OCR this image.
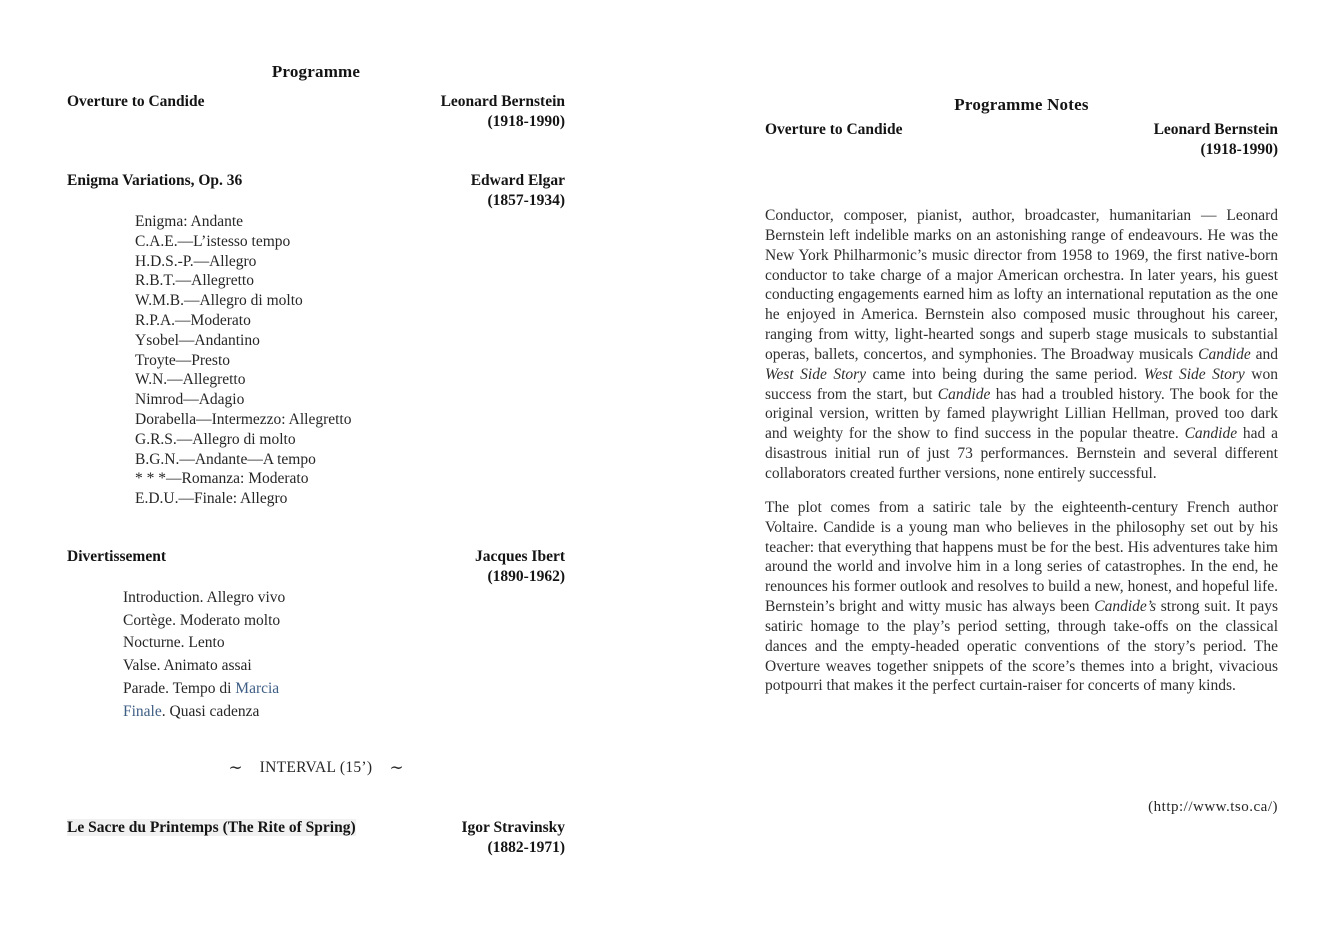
Programme
Overture to Candide	Leonard Bernstein
(1918-1990)
Enigma Variations, Op. 36	Edward Elgar
(1857-1934)
Enigma: Andante
C.A.E.—L’istesso tempo
H.D.S.-P.—Allegro
R.B.T.—Allegretto
W.M.B.—Allegro di molto
R.P.A.—Moderato
Ysobel—Andantino
Troyte—Presto
W.N.—Allegretto
Nimrod—Adagio
Dorabella—Intermezzo: Allegretto
G.R.S.—Allegro di molto
B.G.N.—Andante—A tempo
* * *—Romanza: Moderato
E.D.U.—Finale: Allegro
Divertissement	Jacques Ibert
(1890-1962)
Introduction. Allegro vivo
Cortège. Moderato molto
Nocturne. Lento
Valse. Animato assai
Parade. Tempo di Marcia
Finale. Quasi cadenza
∼ INTERVAL (15’) ∼
Le Sacre du Printemps (The Rite of Spring)	Igor Stravinsky
(1882-1971)
Programme Notes
Overture to Candide	Leonard Bernstein
(1918-1990)

Conductor, composer, pianist, author, broadcaster, humanitarian — Leonard Bernstein left indelible marks on an astonishing range of endeavours. He was the New York Philharmonic’s music director from 1958 to 1969, the first native-born conductor to take charge of a major American orchestra. In later years, his guest conducting engagements earned him as lofty an international reputation as the one he enjoyed in America. Bernstein also composed music throughout his career, ranging from witty, light-hearted songs and superb stage musicals to substantial operas, ballets, concertos, and symphonies. The Broadway musicals Candide and West Side Story came into being during the same period. West Side Story won success from the start, but Candide has had a troubled history. The book for the original version, written by famed playwright Lillian Hellman, proved too dark and weighty for the show to find success in the popular theatre. Candide had a disastrous initial run of just 73 performances. Bernstein and several different collaborators created further versions, none entirely successful.

The plot comes from a satiric tale by the eighteenth-century French author Voltaire. Candide is a young man who believes in the philosophy set out by his teacher: that everything that happens must be for the best. His adventures take him around the world and involve him in a long series of catastrophes. In the end, he renounces his former outlook and resolves to build a new, honest, and hopeful life. Bernstein’s bright and witty music has always been Candide’s strong suit. It pays satiric homage to the play’s period setting, through take-offs on the classical dances and the empty-headed operatic conventions of the story’s period. The Overture weaves together snippets of the score’s themes into a bright, vivacious potpourri that makes it the perfect curtain-raiser for concerts of many kinds.

(http://www.tso.ca/)
